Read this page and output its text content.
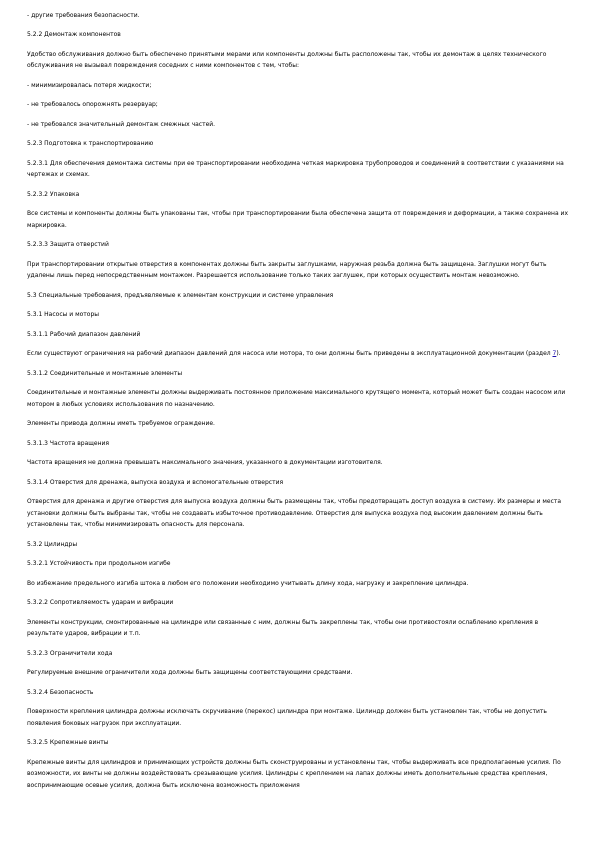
- другие требования безопасности.

5.2.2 Демонтаж компонентов

Удобство обслуживания должно быть обеспечено принятыми мерами или компоненты должны быть расположены так, чтобы их демонтаж в целях технического обслуживания не вызывал повреждения соседних с ними компонентов с тем, чтобы:

- минимизировалась потеря жидкости;

- не требовалось опорожнять резервуар;

- не требовался значительный демонтаж смежных частей.

5.2.3 Подготовка к транспортированию

5.2.3.1 Для обеспечения демонтажа системы при ее транспортировании необходима четкая маркировка трубопроводов и соединений в соответствии с указаниями на чертежах и схемах.

5.2.3.2 Упаковка

Все системы и компоненты должны быть упакованы так, чтобы при транспортировании была обеспечена защита от повреждения и деформации, а также сохранена их маркировка.

5.2.3.3 Защита отверстий

При транспортировании открытые отверстия в компонентах должны быть закрыты заглушками, наружная резьба должна быть защищена. Заглушки могут быть удалены лишь перед непосредственным монтажом. Разрешается использование только таких заглушек, при которых осуществить монтаж невозможно.

5.3 Специальные требования, предъявляемые к элементам конструкции и системе управления

5.3.1 Насосы и моторы

5.3.1.1 Рабочий диапазон давлений

Если существуют ограничения на рабочий диапазон давлений для насоса или мотора, то они должны быть приведены в эксплуатационной документации (раздел 7).

5.3.1.2 Соединительные и монтажные элементы

Соединительные и монтажные элементы должны выдерживать постоянное приложение максимального крутящего момента, который может быть создан насосом или мотором в любых условиях использования по назначению.

Элементы привода должны иметь требуемое ограждение.

5.3.1.3 Частота вращения

Частота вращения не должна превышать максимального значения, указанного в документации изготовителя.

5.3.1.4 Отверстия для дренажа, выпуска воздуха и вспомогательные отверстия

Отверстия для дренажа и другие отверстия для выпуска воздуха должны быть размещены так, чтобы предотвращать доступ воздуха в систему. Их размеры и места установки должны быть выбраны так, чтобы не создавать избыточное противодавление. Отверстия для выпуска воздуха под высоким давлением должны быть установлены так, чтобы минимизировать опасность для персонала.

5.3.2 Цилиндры

5.3.2.1 Устойчивость при продольном изгибе

Во избежание предельного изгиба штока в любом его положении необходимо учитывать длину хода, нагрузку и закрепление цилиндра.

5.3.2.2 Сопротивляемость ударам и вибрации

Элементы конструкции, смонтированные на цилиндре или связанные с ним, должны быть закреплены так, чтобы они противостояли ослаблению крепления в результате ударов, вибрации и т.п.

5.3.2.3 Ограничители хода

Регулируемые внешние ограничители хода должны быть защищены соответствующими средствами.

5.3.2.4 Безопасность

Поверхности крепления цилиндра должны исключать скручивание (перекос) цилиндра при монтаже. Цилиндр должен быть установлен так, чтобы не допустить появления боковых нагрузок при эксплуатации.

5.3.2.5 Крепежные винты

Крепежные винты для цилиндров и принимающих устройств должны быть сконструированы и установлены так, чтобы выдерживать все предполагаемые усилия. По возможности, их винты не должны воздействовать срезывающие усилия. Цилиндры с креплением на лапах должны иметь дополнительные средства крепления, воспринимающие осевые усилия, должна быть исключена возможность приложения
